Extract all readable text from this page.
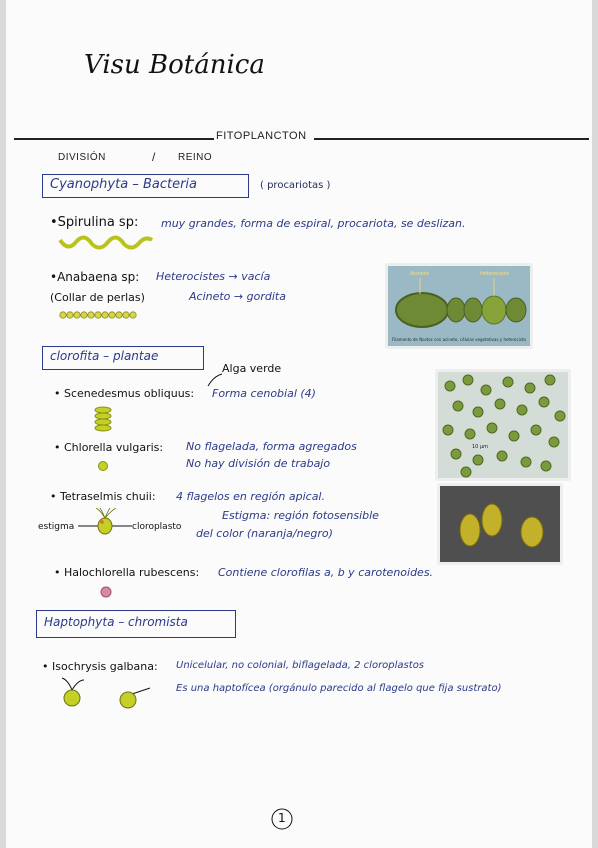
Visu Botánica
FITOPLANCTON
DIVISIÓN	/ REINO
Cyanophyta – Bacteria	( procariotas )
•Spirulina sp: muy grandes, forma de espiral, procariota, se deslizan.
•Anabaena sp: Heterocistes → vacía
(Collar de perlas)	Acineto → gordita
Acineto	Heterocisto
Filamento de Nostoc con acineto, células vegetativas y heterocisto
clorofita – plantae
Alga verde
• Scenedesmus obliquus: Forma cenobial (4)
10 µm
• Chlorella vulgaris: No flagelada, forma agregados
No hay división de trabajo
• Tetraselmis chuii: 4 flagelos en región apical.
Estigma: región fotosensible
del color (naranja/negro)
estigma	cloroplasto
• Halochlorella rubescens: Contiene clorofilas a, b y carotenoides.
Haptophyta – chromista
• Isochrysis galbana: Unicelular, no colonial, biflagelada, 2 cloroplastos
Es una haptofícea (orgánulo parecido al flagelo que fija sustrato)
1
